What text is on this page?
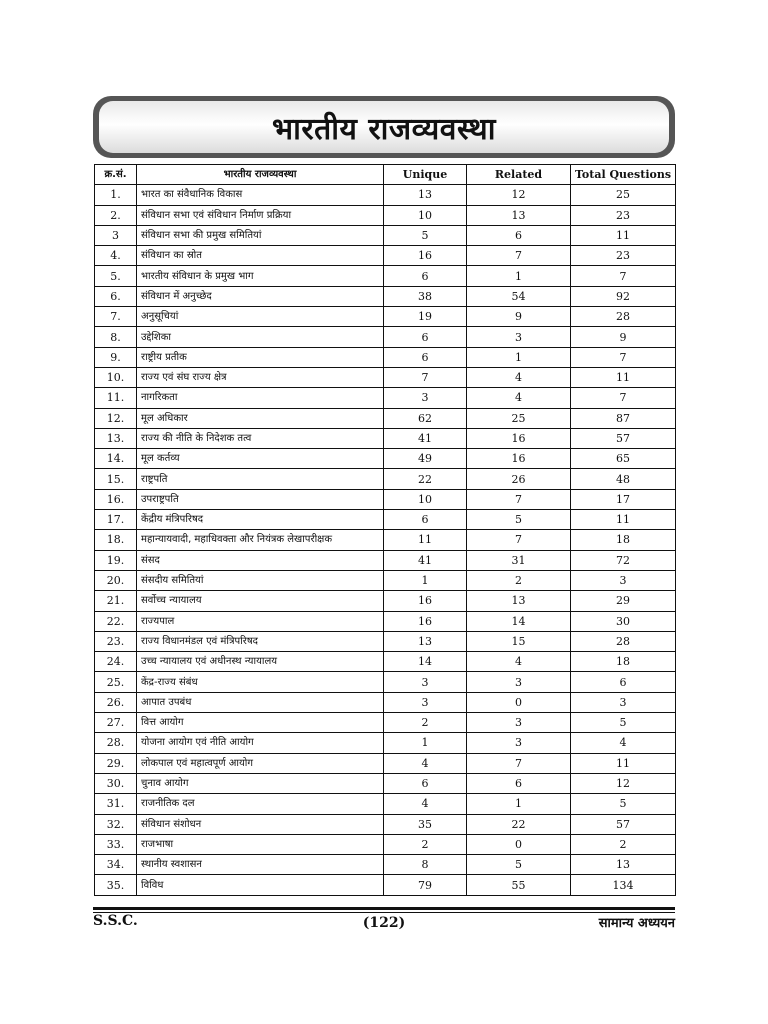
भारतीय राजव्यवस्था
क्र.सं.	भारतीय राजव्यवस्था	Unique	Related	Total Questions
1.	भारत का संवैधानिक विकास	13	12	25
2.	संविधान सभा एवं संविधान निर्माण प्रक्रिया	10	13	23
3	संविधान सभा की प्रमुख समितियां	5	6	11
4.	संविधान का स्रोत	16	7	23
5.	भारतीय संविधान के प्रमुख भाग	6	1	7
6.	संविधान में अनुच्छेद	38	54	92
7.	अनुसूचियां	19	9	28
8.	उद्देशिका	6	3	9
9.	राष्ट्रीय प्रतीक	6	1	7
10.	राज्य एवं संघ राज्य क्षेत्र	7	4	11
11.	नागरिकता	3	4	7
12.	मूल अधिकार	62	25	87
13.	राज्य की नीति के निदेशक तत्व	41	16	57
14.	मूल कर्तव्य	49	16	65
15.	राष्ट्रपति	22	26	48
16.	उपराष्ट्रपति	10	7	17
17.	केंद्रीय मंत्रिपरिषद	6	5	11
18.	महान्यायवादी, महाधिवक्ता और नियंत्रक लेखापरीक्षक	11	7	18
19.	संसद	41	31	72
20.	संसदीय समितियां	1	2	3
21.	सर्वोच्च न्यायालय	16	13	29
22.	राज्यपाल	16	14	30
23.	राज्य विधानमंडल एवं मंत्रिपरिषद	13	15	28
24.	उच्च न्यायालय एवं अधीनस्थ न्यायालय	14	4	18
25.	केंद्र-राज्य संबंध	3	3	6
26.	आपात उपबंध	3	0	3
27.	वित्त आयोग	2	3	5
28.	योजना आयोग एवं नीति आयोग	1	3	4
29.	लोकपाल एवं महात्वपूर्ण आयोग	4	7	11
30.	चुनाव आयोग	6	6	12
31.	राजनीतिक दल	4	1	5
32.	संविधान संशोधन	35	22	57
33.	राजभाषा	2	0	2
34.	स्थानीय स्वशासन	8	5	13
35.	विविध	79	55	134
S.S.C.	(122)	सामान्य अध्ययन
